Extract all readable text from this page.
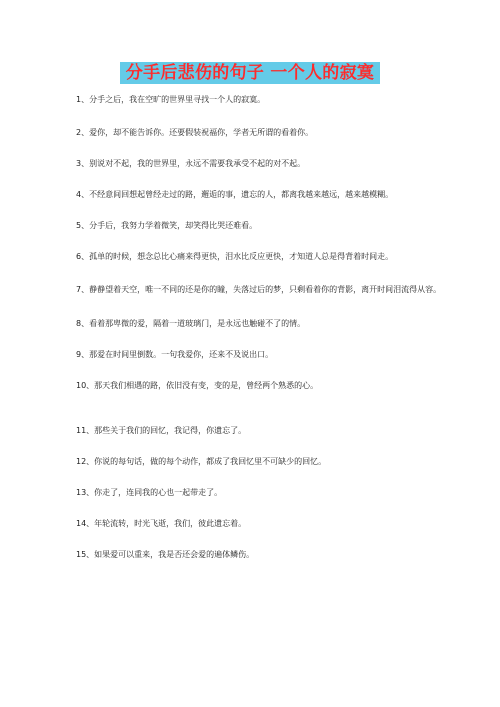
分手后悲伤的句子 一个人的寂寞

1、分手之后，我在空旷的世界里寻找一个人的寂寞。

2、爱你，却不能告诉你。还要假装祝福你，学者无所谓的看着你。

3、别说对不起，我的世界里，永远不需要我承受不起的对不起。

4、不经意间回想起曾经走过的路，邂逅的事，遗忘的人，都离我越来越远，越来越模糊。

5、分手后，我努力学着微笑，却笑得比哭还难看。

6、孤单的时候，想念总比心痛来得更快，泪水比反应更快，才知道人总是得背着时间走。

7、静静望着天空，唯一不同的还是你的瞳，失落过后的梦，只剩看着你的背影，离开时间泪流得从容。

8、看着那卑微的爱，隔着一道玻璃门，是永远也触碰不了的情。

9、那爱在时间里倒数。一句我爱你，还来不及说出口。

10、那天我们相遇的路，依旧没有变，变的是，曾经两个熟悉的心。

11、那些关于我们的回忆，我记得，你遗忘了。

12、你说的每句话，做的每个动作，都成了我回忆里不可缺少的回忆。

13、你走了，连同我的心也一起带走了。

14、年轮流转，时光飞逝，我们，彼此遗忘着。

15、如果爱可以重来，我是否还会爱的遍体鳞伤。
